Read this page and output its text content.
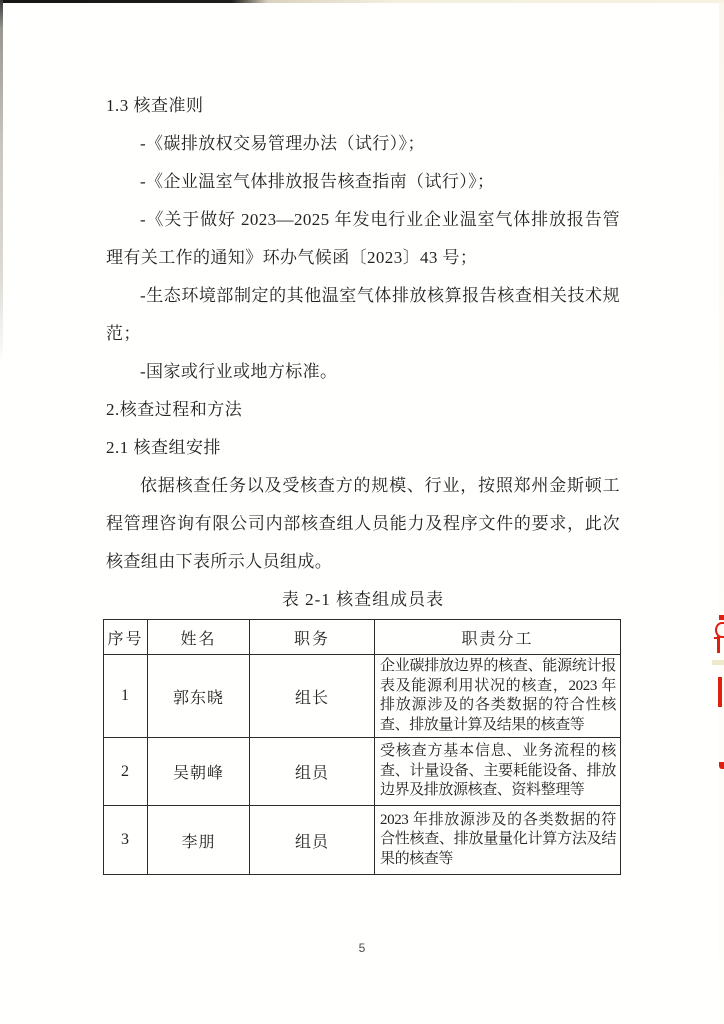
1.3 核查准则

-《碳排放权交易管理办法（试行）》；

-《企业温室气体排放报告核查指南（试行）》；

-《关于做好 2023—2025 年发电行业企业温室气体排放报告管理有关工作的通知》环办气候函〔2023〕43 号；

-生态环境部制定的其他温室气体排放核算报告核查相关技术规范；

-国家或行业或地方标准。

2.核查过程和方法
2.1 核查组安排

依据核查任务以及受核查方的规模、行业，按照郑州金斯顿工程管理咨询有限公司内部核查组人员能力及程序文件的要求，此次核查组由下表所示人员组成。

表 2-1 核查组成员表

序号	姓名	职务	职责分工
1	郭东晓	组长	企业碳排放边界的核查、能源统计报表及能源利用状况的核查，2023 年排放源涉及的各类数据的符合性核查、排放量计算及结果的核查等
2	吴朝峰	组员	受核查方基本信息、业务流程的核查、计量设备、主要耗能设备、排放边界及排放源核查、资料整理等
3	李朋	组员	2023 年排放源涉及的各类数据的符合性核查、排放量量化计算方法及结果的核查等
5
